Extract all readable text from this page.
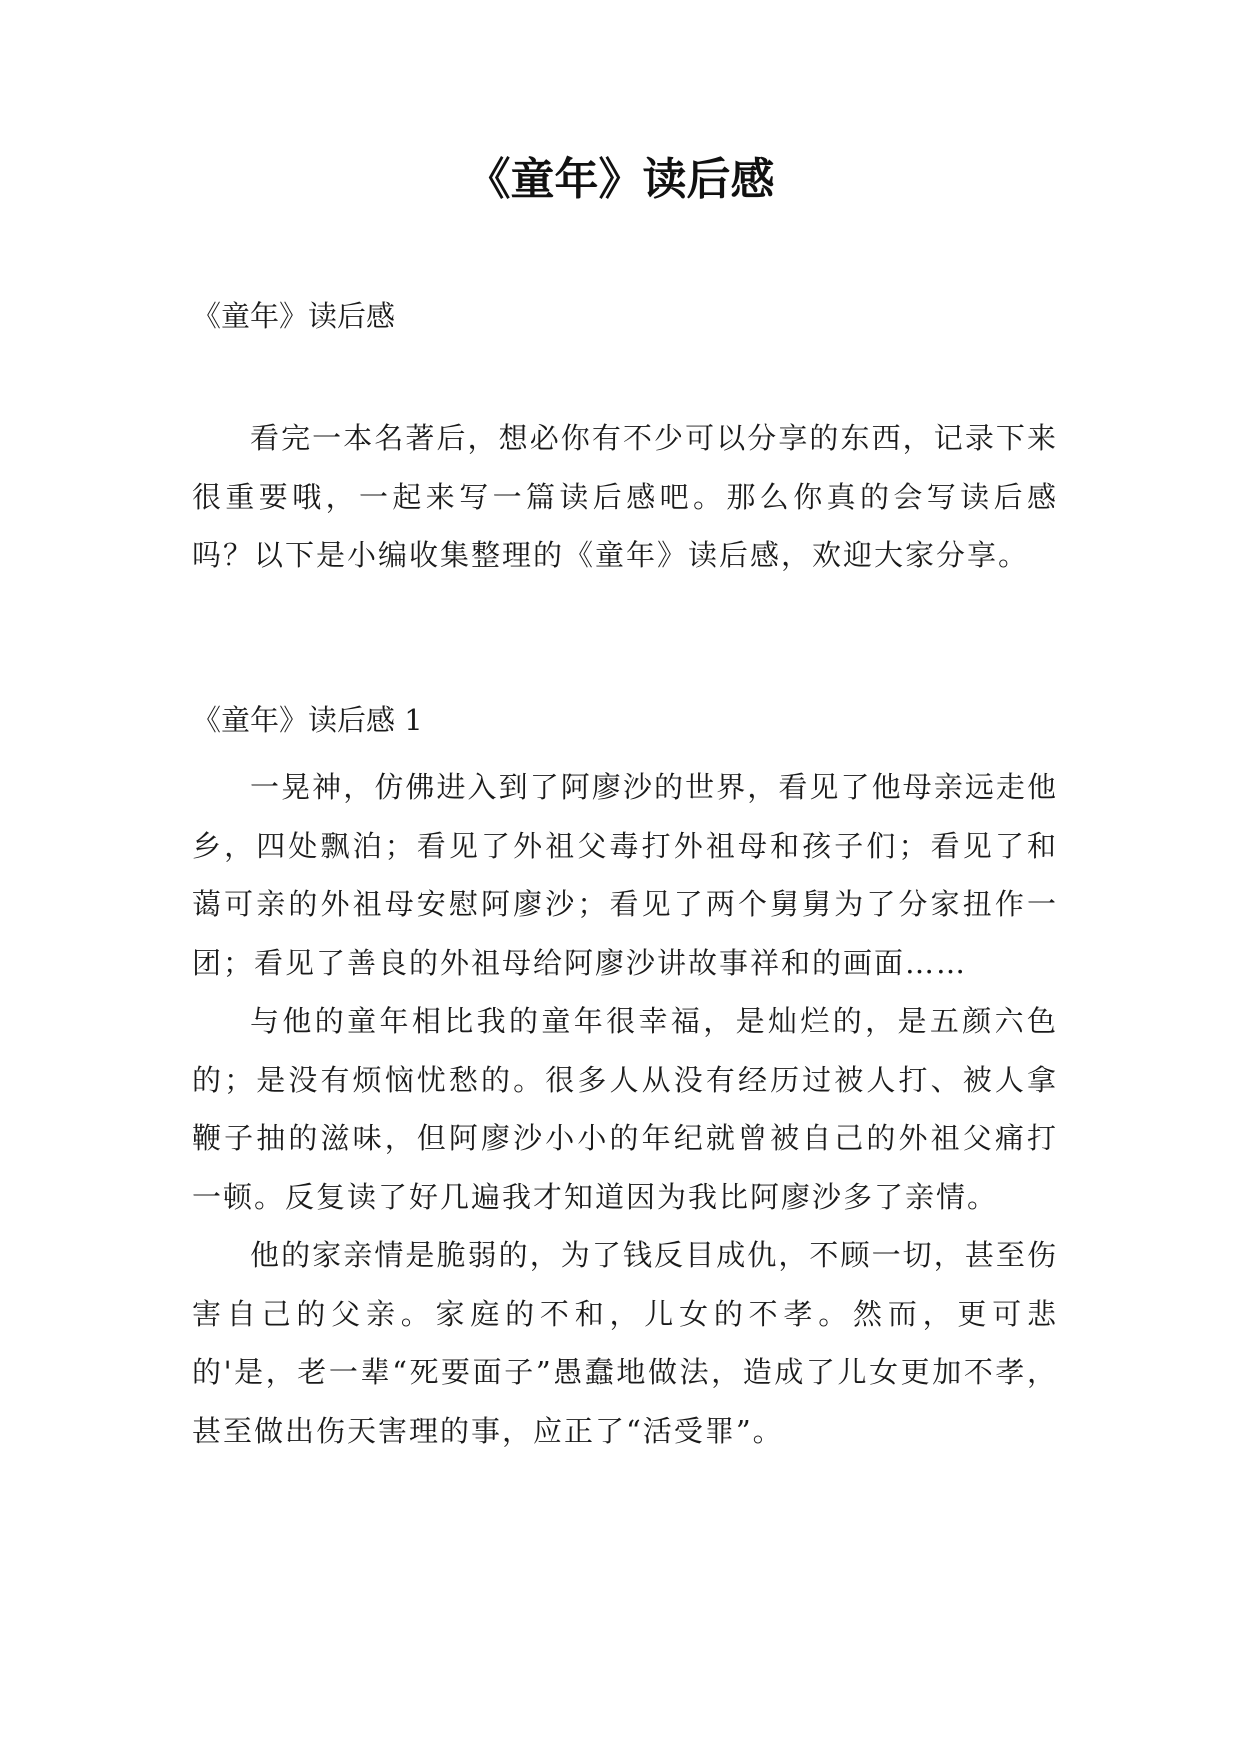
《童年》读后感

《童年》读后感

看完一本名著后，想必你有不少可以分享的东西，记录下来很重要哦，一起来写一篇读后感吧。那么你真的会写读后感吗？以下是小编收集整理的《童年》读后感，欢迎大家分享。

《童年》读后感 1

一晃神，仿佛进入到了阿廖沙的世界，看见了他母亲远走他乡，四处飘泊；看见了外祖父毒打外祖母和孩子们；看见了和蔼可亲的外祖母安慰阿廖沙；看见了两个舅舅为了分家扭作一团；看见了善良的外祖母给阿廖沙讲故事祥和的画面……

与他的童年相比我的童年很幸福，是灿烂的，是五颜六色的；是没有烦恼忧愁的。很多人从没有经历过被人打、被人拿鞭子抽的滋味，但阿廖沙小小的年纪就曾被自己的外祖父痛打一顿。反复读了好几遍我才知道因为我比阿廖沙多了亲情。

他的家亲情是脆弱的，为了钱反目成仇，不顾一切，甚至伤害自己的父亲。家庭的不和，儿女的不孝。然而，更可悲的'是，老一辈“死要面子”愚蠢地做法，造成了儿女更加不孝，甚至做出伤天害理的事，应正了“活受罪”。
